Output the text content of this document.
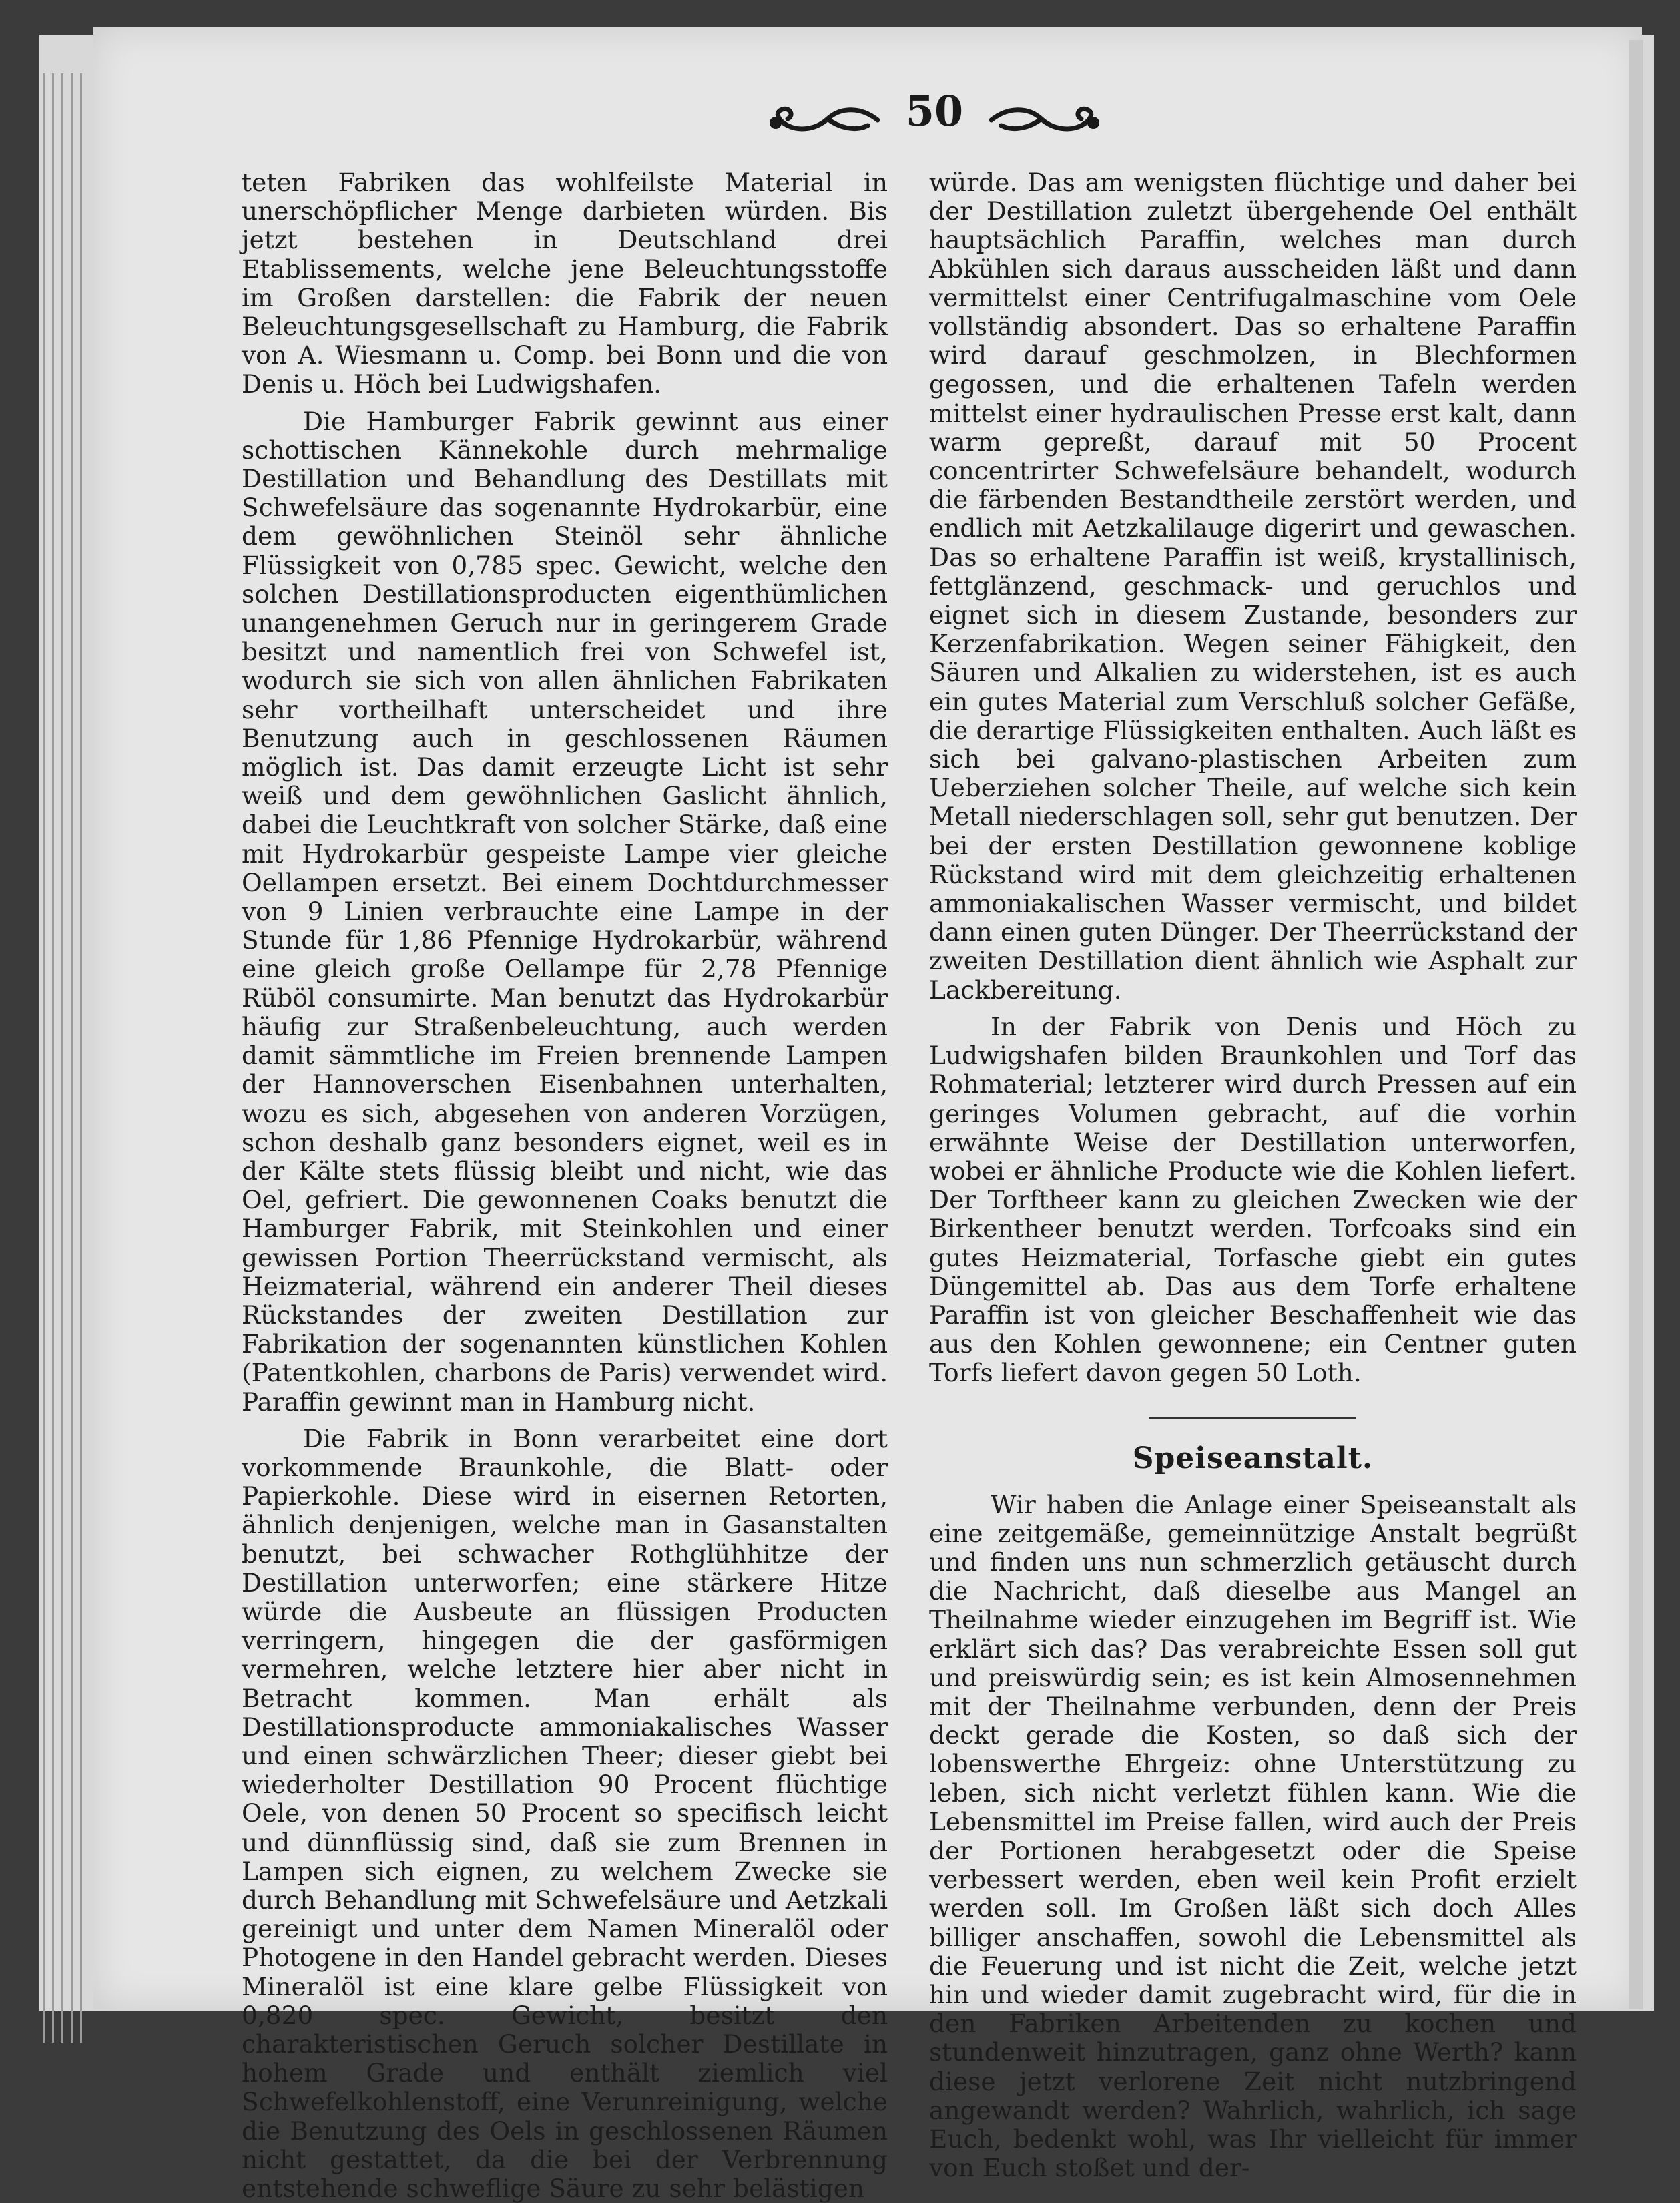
50

teten Fabriken das wohlfeilste Material in unerschöpflicher Menge darbieten würden. Bis jetzt bestehen in Deutschland drei Etablissements, welche jene Beleuchtungsstoffe im Großen darstellen: die Fabrik der neuen Beleuchtungsgesellschaft zu Hamburg, die Fabrik von A. Wiesmann u. Comp. bei Bonn und die von Denis u. Höch bei Ludwigshafen.

Die Hamburger Fabrik gewinnt aus einer schottischen Kännekohle durch mehrmalige Destillation und Behandlung des Destillats mit Schwefelsäure das sogenannte Hydrokarbür, eine dem gewöhnlichen Steinöl sehr ähnliche Flüssigkeit von 0,785 spec. Gewicht, welche den solchen Destillationsproducten eigenthümlichen unangenehmen Geruch nur in geringerem Grade besitzt und namentlich frei von Schwefel ist, wodurch sie sich von allen ähnlichen Fabrikaten sehr vortheilhaft unterscheidet und ihre Benutzung auch in geschlossenen Räumen möglich ist. Das damit erzeugte Licht ist sehr weiß und dem gewöhnlichen Gaslicht ähnlich, dabei die Leuchtkraft von solcher Stärke, daß eine mit Hydrokarbür gespeiste Lampe vier gleiche Oellampen ersetzt. Bei einem Dochtdurchmesser von 9 Linien verbrauchte eine Lampe in der Stunde für 1,86 Pfennige Hydrokarbür, während eine gleich große Oellampe für 2,78 Pfennige Rüböl consumirte. Man benutzt das Hydrokarbür häufig zur Straßenbeleuchtung, auch werden damit sämmtliche im Freien brennende Lampen der Hannoverschen Eisenbahnen unterhalten, wozu es sich, abgesehen von anderen Vorzügen, schon deshalb ganz besonders eignet, weil es in der Kälte stets flüssig bleibt und nicht, wie das Oel, gefriert. Die gewonnenen Coaks benutzt die Hamburger Fabrik, mit Steinkohlen und einer gewissen Portion Theerrückstand vermischt, als Heizmaterial, während ein anderer Theil dieses Rückstandes der zweiten Destillation zur Fabrikation der sogenannten künstlichen Kohlen (Patentkohlen, charbons de Paris) verwendet wird. Paraffin gewinnt man in Hamburg nicht.

Die Fabrik in Bonn verarbeitet eine dort vorkommende Braunkohle, die Blatt- oder Papierkohle. Diese wird in eisernen Retorten, ähnlich denjenigen, welche man in Gasanstalten benutzt, bei schwacher Rothglühhitze der Destillation unterworfen; eine stärkere Hitze würde die Ausbeute an flüssigen Producten verringern, hingegen die der gasförmigen vermehren, welche letztere hier aber nicht in Betracht kommen. Man erhält als Destillationsproducte ammoniakalisches Wasser und einen schwärzlichen Theer; dieser giebt bei wiederholter Destillation 90 Procent flüchtige Oele, von denen 50 Procent so specifisch leicht und dünnflüssig sind, daß sie zum Brennen in Lampen sich eignen, zu welchem Zwecke sie durch Behandlung mit Schwefelsäure und Aetzkali gereinigt und unter dem Namen Mineralöl oder Photogene in den Handel gebracht werden. Dieses Mineralöl ist eine klare gelbe Flüssigkeit von 0,820 spec. Gewicht, besitzt den charakteristischen Geruch solcher Destillate in hohem Grade und enthält ziemlich viel Schwefelkohlenstoff, eine Verunreinigung, welche die Benutzung des Oels in geschlossenen Räumen nicht gestattet, da die bei der Verbrennung entstehende schweflige Säure zu sehr belästigen

würde. Das am wenigsten flüchtige und daher bei der Destillation zuletzt übergehende Oel enthält hauptsächlich Paraffin, welches man durch Abkühlen sich daraus ausscheiden läßt und dann vermittelst einer Centrifugalmaschine vom Oele vollständig absondert. Das so erhaltene Paraffin wird darauf geschmolzen, in Blechformen gegossen, und die erhaltenen Tafeln werden mittelst einer hydraulischen Presse erst kalt, dann warm gepreßt, darauf mit 50 Procent concentrirter Schwefelsäure behandelt, wodurch die färbenden Bestandtheile zerstört werden, und endlich mit Aetzkalilauge digerirt und gewaschen. Das so erhaltene Paraffin ist weiß, krystallinisch, fettglänzend, geschmack- und geruchlos und eignet sich in diesem Zustande, besonders zur Kerzenfabrikation. Wegen seiner Fähigkeit, den Säuren und Alkalien zu widerstehen, ist es auch ein gutes Material zum Verschluß solcher Gefäße, die derartige Flüssigkeiten enthalten. Auch läßt es sich bei galvano-plastischen Arbeiten zum Ueberziehen solcher Theile, auf welche sich kein Metall niederschlagen soll, sehr gut benutzen. Der bei der ersten Destillation gewonnene koblige Rückstand wird mit dem gleichzeitig erhaltenen ammoniakalischen Wasser vermischt, und bildet dann einen guten Dünger. Der Theerrückstand der zweiten Destillation dient ähnlich wie Asphalt zur Lackbereitung.

In der Fabrik von Denis und Höch zu Ludwigshafen bilden Braunkohlen und Torf das Rohmaterial; letzterer wird durch Pressen auf ein geringes Volumen gebracht, auf die vorhin erwähnte Weise der Destillation unterworfen, wobei er ähnliche Producte wie die Kohlen liefert. Der Torftheer kann zu gleichen Zwecken wie der Birkentheer benutzt werden. Torfcoaks sind ein gutes Heizmaterial, Torfasche giebt ein gutes Düngemittel ab. Das aus dem Torfe erhaltene Paraffin ist von gleicher Beschaffenheit wie das aus den Kohlen gewonnene; ein Centner guten Torfs liefert davon gegen 50 Loth.

Speiseanstalt.

Wir haben die Anlage einer Speiseanstalt als eine zeitgemäße, gemeinnützige Anstalt begrüßt und finden uns nun schmerzlich getäuscht durch die Nachricht, daß dieselbe aus Mangel an Theilnahme wieder einzugehen im Begriff ist. Wie erklärt sich das? Das verabreichte Essen soll gut und preiswürdig sein; es ist kein Almosennehmen mit der Theilnahme verbunden, denn der Preis deckt gerade die Kosten, so daß sich der lobenswerthe Ehrgeiz: ohne Unterstützung zu leben, sich nicht verletzt fühlen kann. Wie die Lebensmittel im Preise fallen, wird auch der Preis der Portionen herabgesetzt oder die Speise verbessert werden, eben weil kein Profit erzielt werden soll. Im Großen läßt sich doch Alles billiger anschaffen, sowohl die Lebensmittel als die Feuerung und ist nicht die Zeit, welche jetzt hin und wieder damit zugebracht wird, für die in den Fabriken Arbeitenden zu kochen und stundenweit hinzutragen, ganz ohne Werth? kann diese jetzt verlorene Zeit nicht nutzbringend angewandt werden? Wahrlich, wahrlich, ich sage Euch, bedenkt wohl, was Ihr vielleicht für immer von Euch stoßet und der-
